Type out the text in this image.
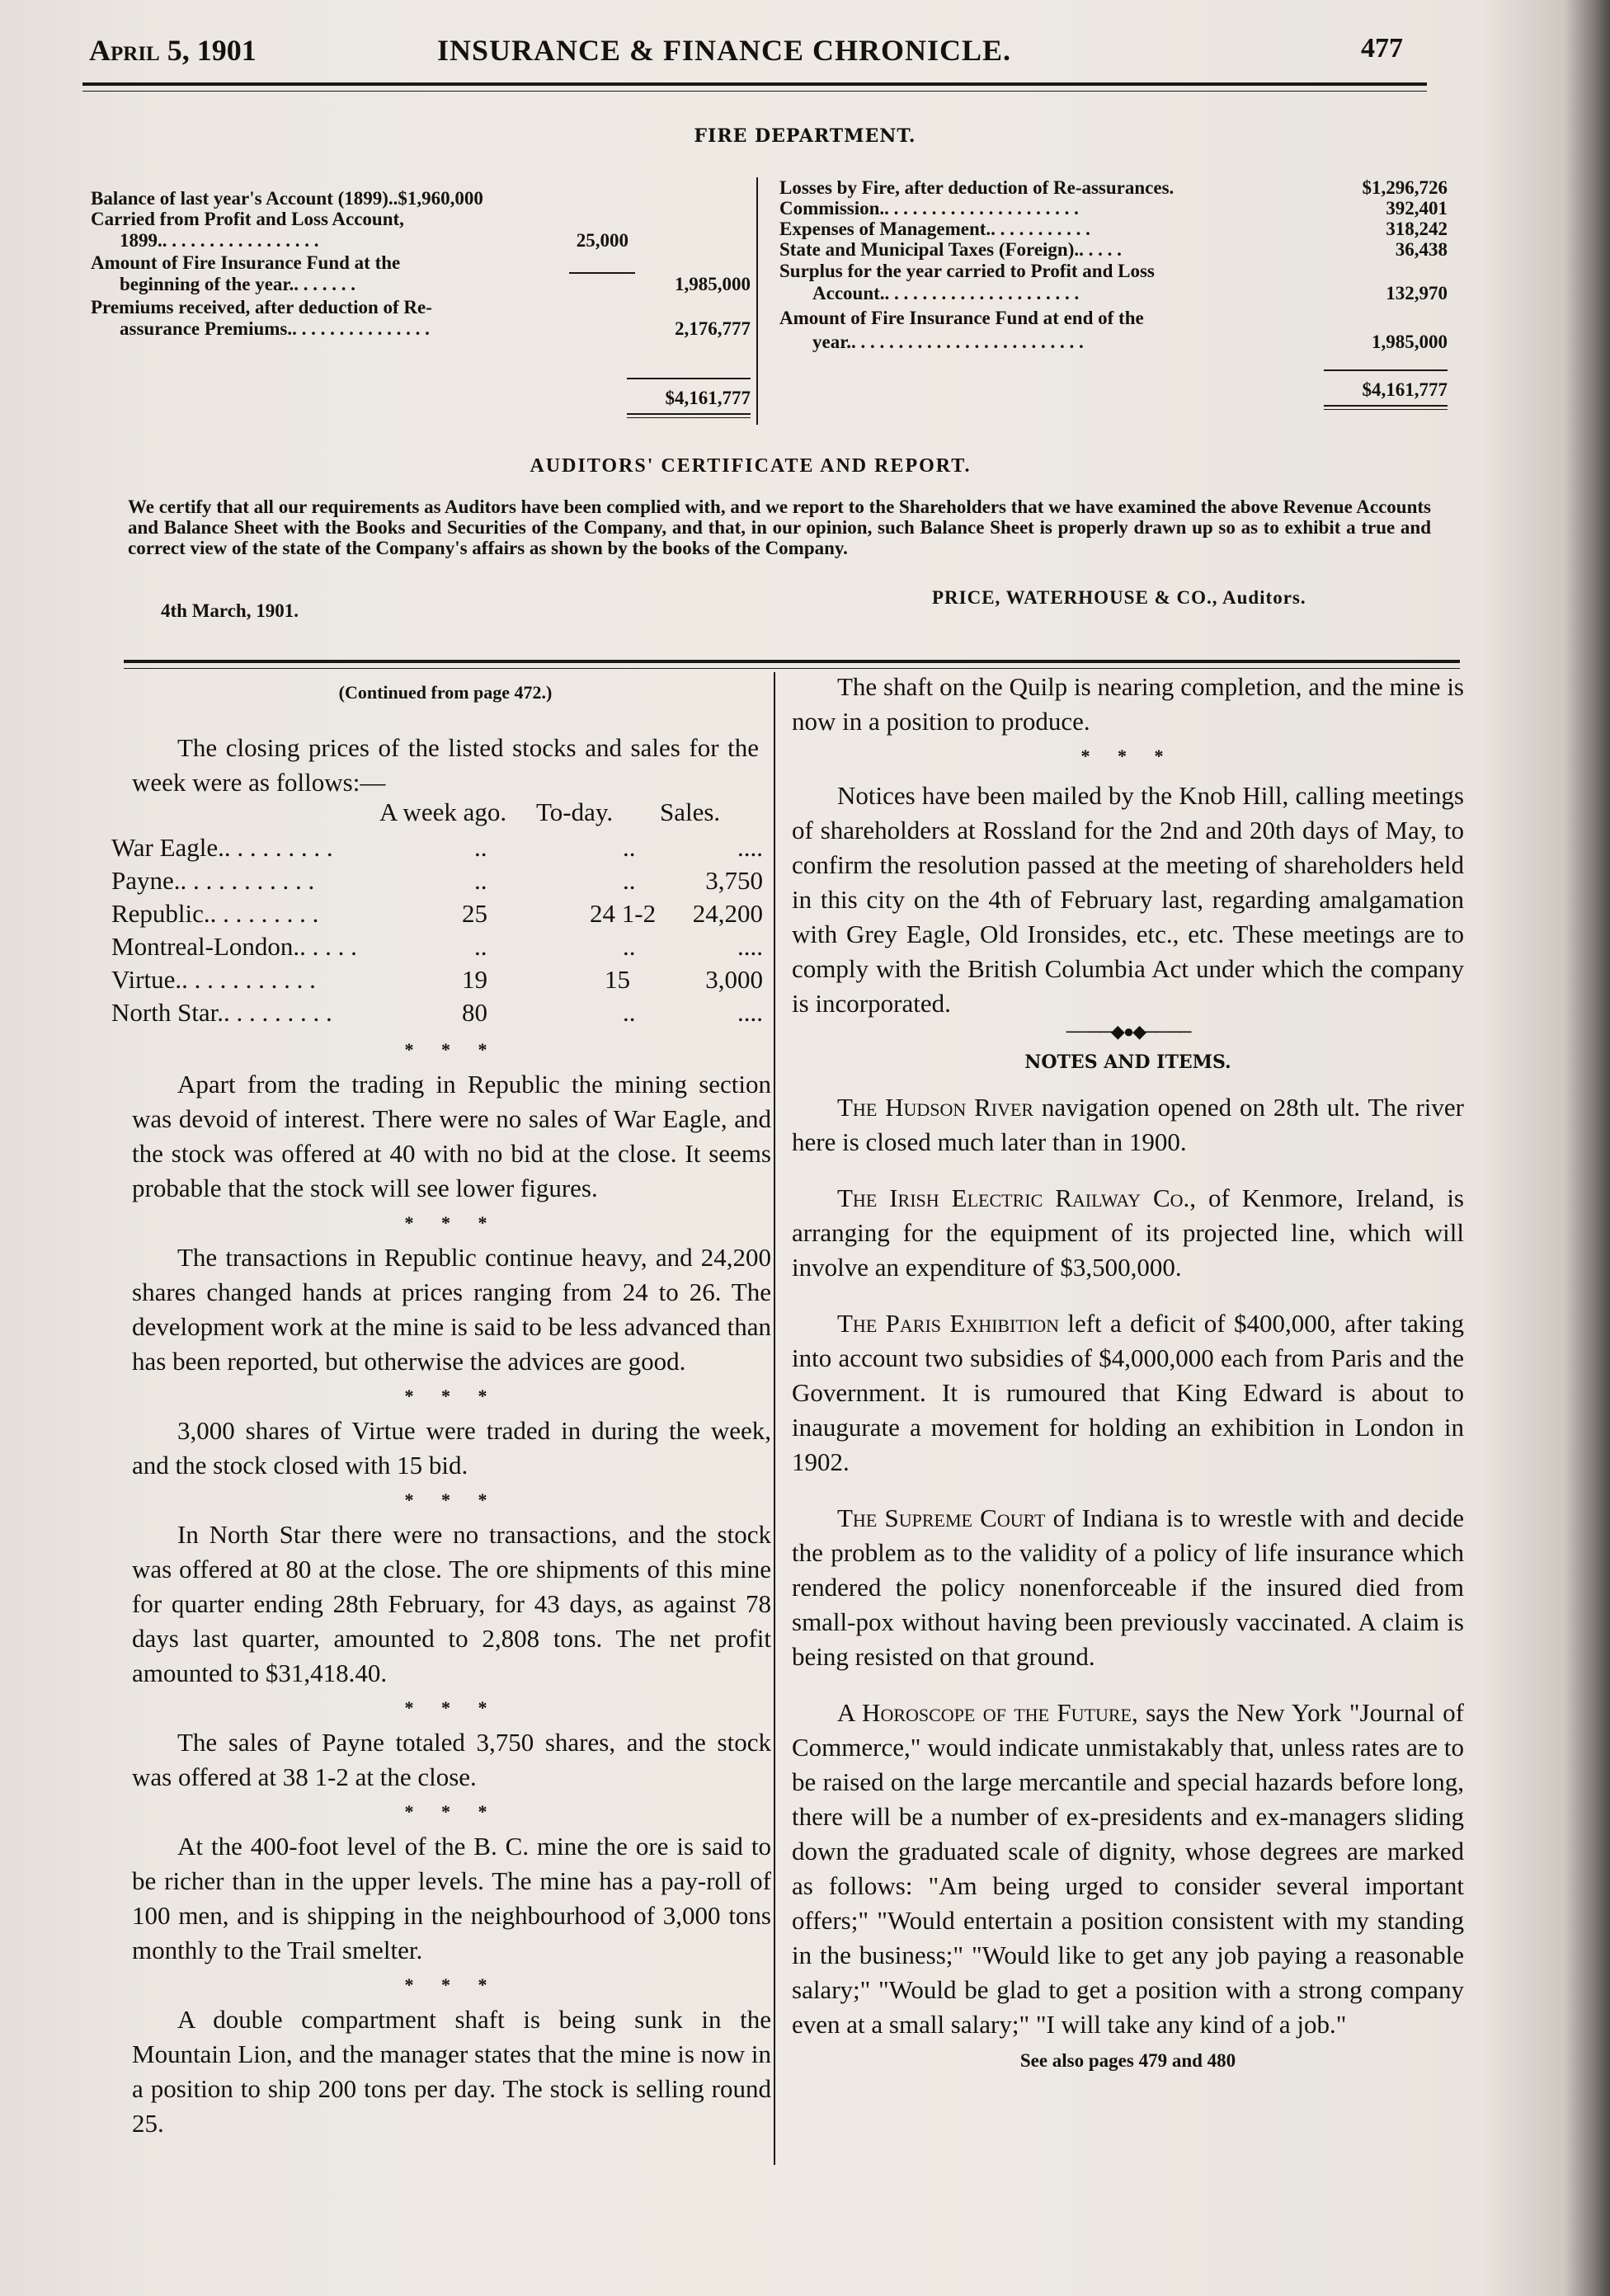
April 5, 1901	INSURANCE & FINANCE CHRONICLE.	477
FIRE DEPARTMENT.
Balance of last year's Account (1899)..$1,960,000
Carried from Profit and Loss Account,
1899.. . . . . . . . . . . . . . . . .	25,000
Amount of Fire Insurance Fund at the
beginning of the year.. . . . . . .	1,985,000
Premiums received, after deduction of Re-
assurance Premiums.. . . . . . . . . . . . . . .	2,176,777
$4,161,777
Losses by Fire, after deduction of Re-assurances.	$1,296,726
Commission.. . . . . . . . . . . . . . . . . . . . .	392,401
Expenses of Management.. . . . . . . . . . .	318,242
State and Municipal Taxes (Foreign).. . . . .	36,438
Surplus for the year carried to Profit and Loss
Account.. . . . . . . . . . . . . . . . . . . . .	132,970
Amount of Fire Insurance Fund at end of the
year.. . . . . . . . . . . . . . . . . . . . . . . . .	1,985,000
$4,161,777
AUDITORS' CERTIFICATE AND REPORT.
We certify that all our requirements as Auditors have been complied with, and we report to the Shareholders that we have examined the above Revenue Accounts and Balance Sheet with the Books and Securities of the Company, and that, in our opinion, such Balance Sheet is properly drawn up so as to exhibit a true and correct view of the state of the Company's affairs as shown by the books of the Company.
PRICE, WATERHOUSE & CO., Auditors.
4th March, 1901.
(Continued from page 472.)

The closing prices of the listed stocks and sales for the week were as follows:—

A week ago. To-day. Sales.
War Eagle.. . . . . . . . .	..	..	....
Payne.. . . . . . . . . . .	..	..	3,750
Republic.. . . . . . . . .	25	24 1-2 24,200
Montreal-London.. . . . .	..	..	....
Virtue.. . . . . . . . . . .	19	15	3,000
North Star.. . . . . . . . .	80	..	....
* * *

Apart from the trading in Republic the mining section was devoid of interest. There were no sales of War Eagle, and the stock was offered at 40 with no bid at the close. It seems probable that the stock will see lower figures.

* * *

The transactions in Republic continue heavy, and 24,200 shares changed hands at prices ranging from 24 to 26. The development work at the mine is said to be less advanced than has been reported, but otherwise the advices are good.

* * *

3,000 shares of Virtue were traded in during the week, and the stock closed with 15 bid.

* * *

In North Star there were no transactions, and the stock was offered at 80 at the close. The ore shipments of this mine for quarter ending 28th February, for 43 days, as against 78 days last quarter, amounted to 2,808 tons. The net profit amounted to $31,418.40.

* * *

The sales of Payne totaled 3,750 shares, and the stock was offered at 38 1-2 at the close.

* * *

At the 400-foot level of the B. C. mine the ore is said to be richer than in the upper levels. The mine has a pay-roll of 100 men, and is shipping in the neighbourhood of 3,000 tons monthly to the Trail smelter.

* * *

A double compartment shaft is being sunk in the Mountain Lion, and the manager states that the mine is now in a position to ship 200 tons per day. The stock is selling round 25.

The shaft on the Quilp is nearing completion, and the mine is now in a position to produce.

* * *

Notices have been mailed by the Knob Hill, calling meetings of shareholders at Rossland for the 2nd and 20th days of May, to confirm the resolution passed at the meeting of shareholders held in this city on the 4th of February last, regarding amalgamation with Grey Eagle, Old Ironsides, etc., etc. These meetings are to comply with the British Columbia Act under which the company is incorporated.

────◆●◆────
NOTES AND ITEMS.

The Hudson River navigation opened on 28th ult. The river here is closed much later than in 1900.

The Irish Electric Railway Co., of Kenmore, Ireland, is arranging for the equipment of its projected line, which will involve an expenditure of $3,500,000.

The Paris Exhibition left a deficit of $400,000, after taking into account two subsidies of $4,000,000 each from Paris and the Government. It is rumoured that King Edward is about to inaugurate a movement for holding an exhibition in London in 1902.

The Supreme Court of Indiana is to wrestle with and decide the problem as to the validity of a policy of life insurance which rendered the policy nonenforceable if the insured died from small-pox without having been previously vaccinated. A claim is being resisted on that ground.

A Horoscope of the Future, says the New York "Journal of Commerce," would indicate unmistakably that, unless rates are to be raised on the large mercantile and special hazards before long, there will be a number of ex-presidents and ex-managers sliding down the graduated scale of dignity, whose degrees are marked as follows: "Am being urged to consider several important offers;" "Would entertain a position consistent with my standing in the business;" "Would like to get any job paying a reasonable salary;" "Would be glad to get a position with a strong company even at a small salary;" "I will take any kind of a job."

See also pages 479 and 480
